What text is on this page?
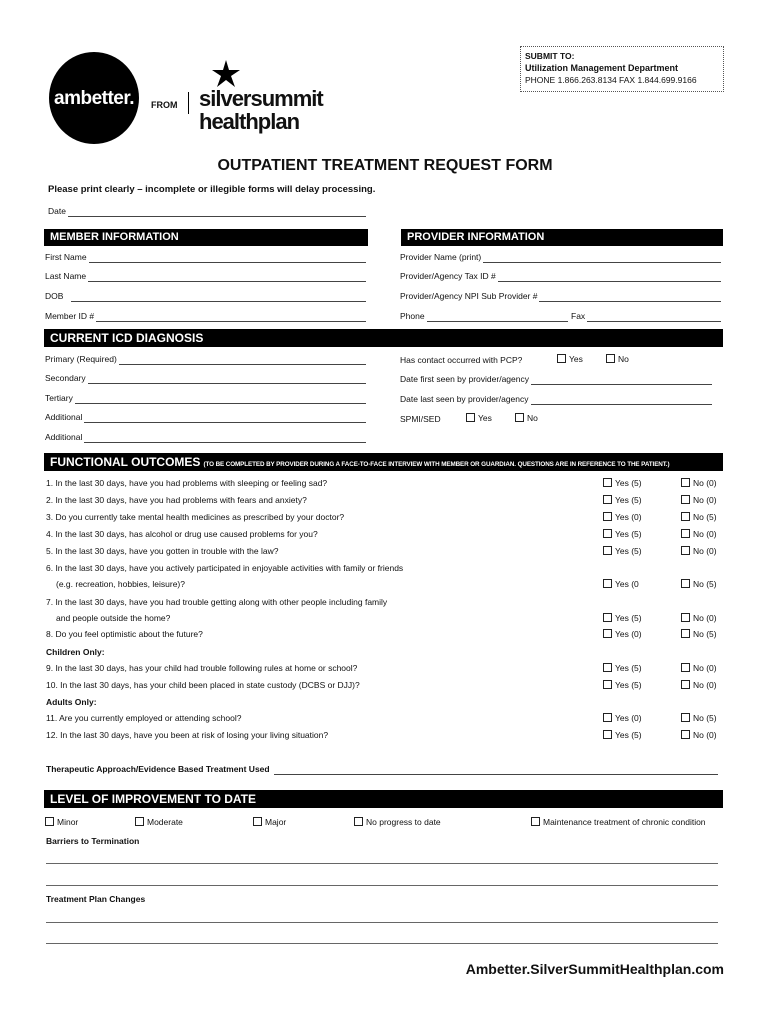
SUBMIT TO:
Utilization Management Department
PHONE 1.866.263.8134 FAX 1.844.699.9166
ambetter.	FROM silversummit
healthplan
OUTPATIENT TREATMENT REQUEST FORM
Please print clearly – incomplete or illegible forms will delay processing.
Date
MEMBER INFORMATION	PROVIDER INFORMATION
First Name
Last Name
DOB
Member ID #
Provider Name (print)
Provider/Agency Tax ID #
Provider/Agency NPI Sub Provider #
Phone	Fax
CURRENT ICD DIAGNOSIS
Primary (Required)
Secondary
Tertiary
Additional
Additional
Has contact occurred with PCP?	Yes	No
Date first seen by provider/agency
Date last seen by provider/agency
SPMI/SED	Yes	No
FUNCTIONAL OUTCOMES (TO BE COMPLETED BY PROVIDER DURING A FACE-TO-FACE INTERVIEW WITH MEMBER OR GUARDIAN. QUESTIONS ARE IN REFERENCE TO THE PATIENT.)
1. In the last 30 days, have you had problems with sleeping or feeling sad?	Yes (5)	No (0)
2. In the last 30 days, have you had problems with fears and anxiety?	Yes (5)	No (0)
3. Do you currently take mental health medicines as prescribed by your doctor?	Yes (0)	No (5)
4. In the last 30 days, has alcohol or drug use caused problems for you?	Yes (5)	No (0)
5. In the last 30 days, have you gotten in trouble with the law?	Yes (5)	No (0)
6. In the last 30 days, have you actively participated in enjoyable activities with family or friends
(e.g. recreation, hobbies, leisure)?	Yes (0	No (5)
7. In the last 30 days, have you had trouble getting along with other people including family
and people outside the home?	Yes (5)	No (0)
8. Do you feel optimistic about the future?	Yes (0)	No (5)
Children Only:
9. In the last 30 days, has your child had trouble following rules at home or school?	Yes (5)	No (0)
10. In the last 30 days, has your child been placed in state custody (DCBS or DJJ)?	Yes (5)	No (0)
Adults Only:
11. Are you currently employed or attending school?	Yes (0)	No (5)
12. In the last 30 days, have you been at risk of losing your living situation?	Yes (5)	No (0)
Therapeutic Approach/Evidence Based Treatment Used
LEVEL OF IMPROVEMENT TO DATE
Minor	Moderate	Major	No progress to date	Maintenance treatment of chronic condition
Barriers to Termination
Treatment Plan Changes
Ambetter.SilverSummitHealthplan.com
